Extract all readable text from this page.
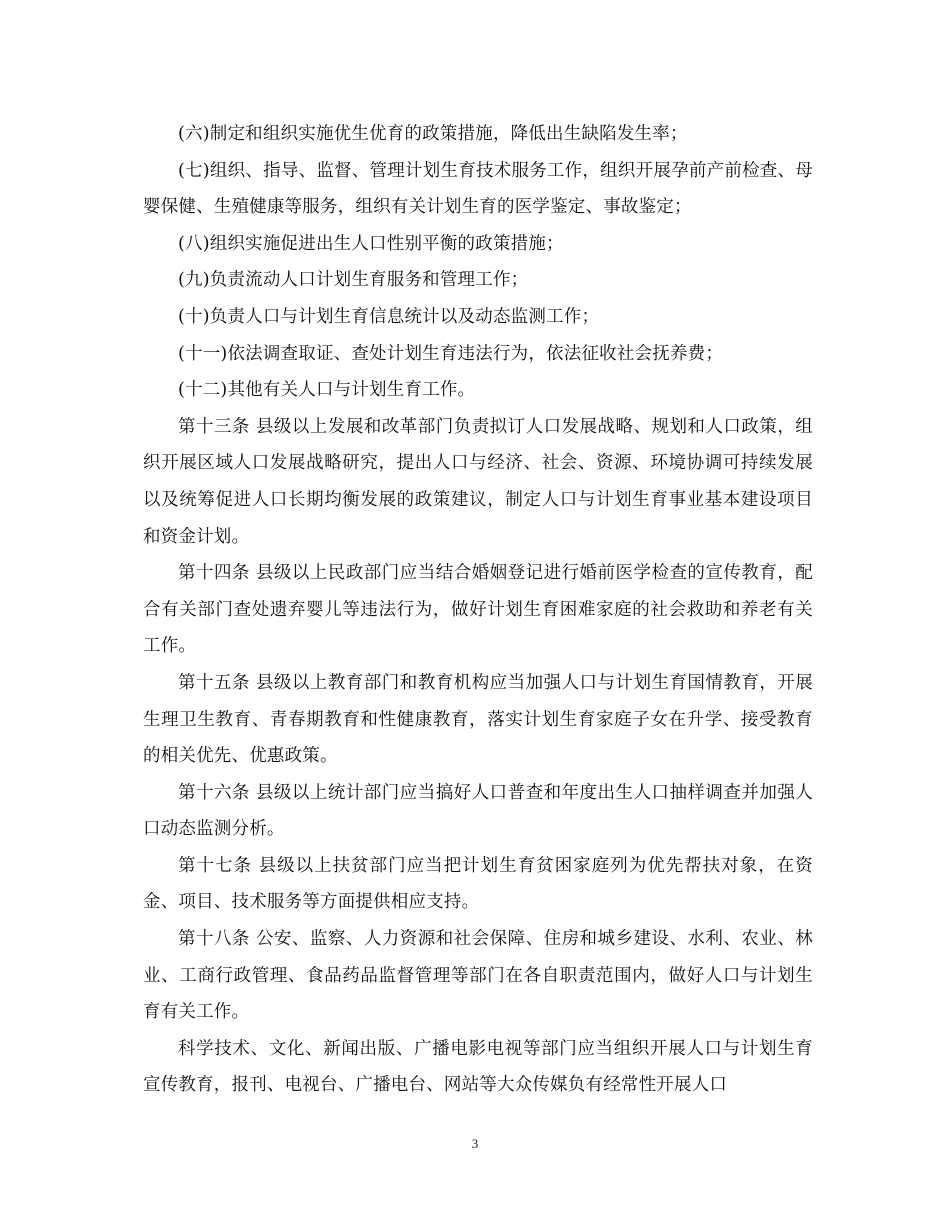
(六)制定和组织实施优生优育的政策措施，降低出生缺陷发生率；

(七)组织、指导、监督、管理计划生育技术服务工作，组织开展孕前产前检查、母婴保健、生殖健康等服务，组织有关计划生育的医学鉴定、事故鉴定；

(八)组织实施促进出生人口性别平衡的政策措施；

(九)负责流动人口计划生育服务和管理工作；

(十)负责人口与计划生育信息统计以及动态监测工作；

(十一)依法调查取证、查处计划生育违法行为，依法征收社会抚养费；

(十二)其他有关人口与计划生育工作。

第十三条 县级以上发展和改革部门负责拟订人口发展战略、规划和人口政策，组织开展区域人口发展战略研究，提出人口与经济、社会、资源、环境协调可持续发展以及统筹促进人口长期均衡发展的政策建议，制定人口与计划生育事业基本建设项目和资金计划。

第十四条 县级以上民政部门应当结合婚姻登记进行婚前医学检查的宣传教育，配合有关部门查处遗弃婴儿等违法行为，做好计划生育困难家庭的社会救助和养老有关工作。

第十五条 县级以上教育部门和教育机构应当加强人口与计划生育国情教育，开展生理卫生教育、青春期教育和性健康教育，落实计划生育家庭子女在升学、接受教育的相关优先、优惠政策。

第十六条 县级以上统计部门应当搞好人口普查和年度出生人口抽样调查并加强人口动态监测分析。

第十七条 县级以上扶贫部门应当把计划生育贫困家庭列为优先帮扶对象，在资金、项目、技术服务等方面提供相应支持。

第十八条 公安、监察、人力资源和社会保障、住房和城乡建设、水利、农业、林业、工商行政管理、食品药品监督管理等部门在各自职责范围内，做好人口与计划生育有关工作。

科学技术、文化、新闻出版、广播电影电视等部门应当组织开展人口与计划生育宣传教育，报刊、电视台、广播电台、网站等大众传媒负有经常性开展人口

3
